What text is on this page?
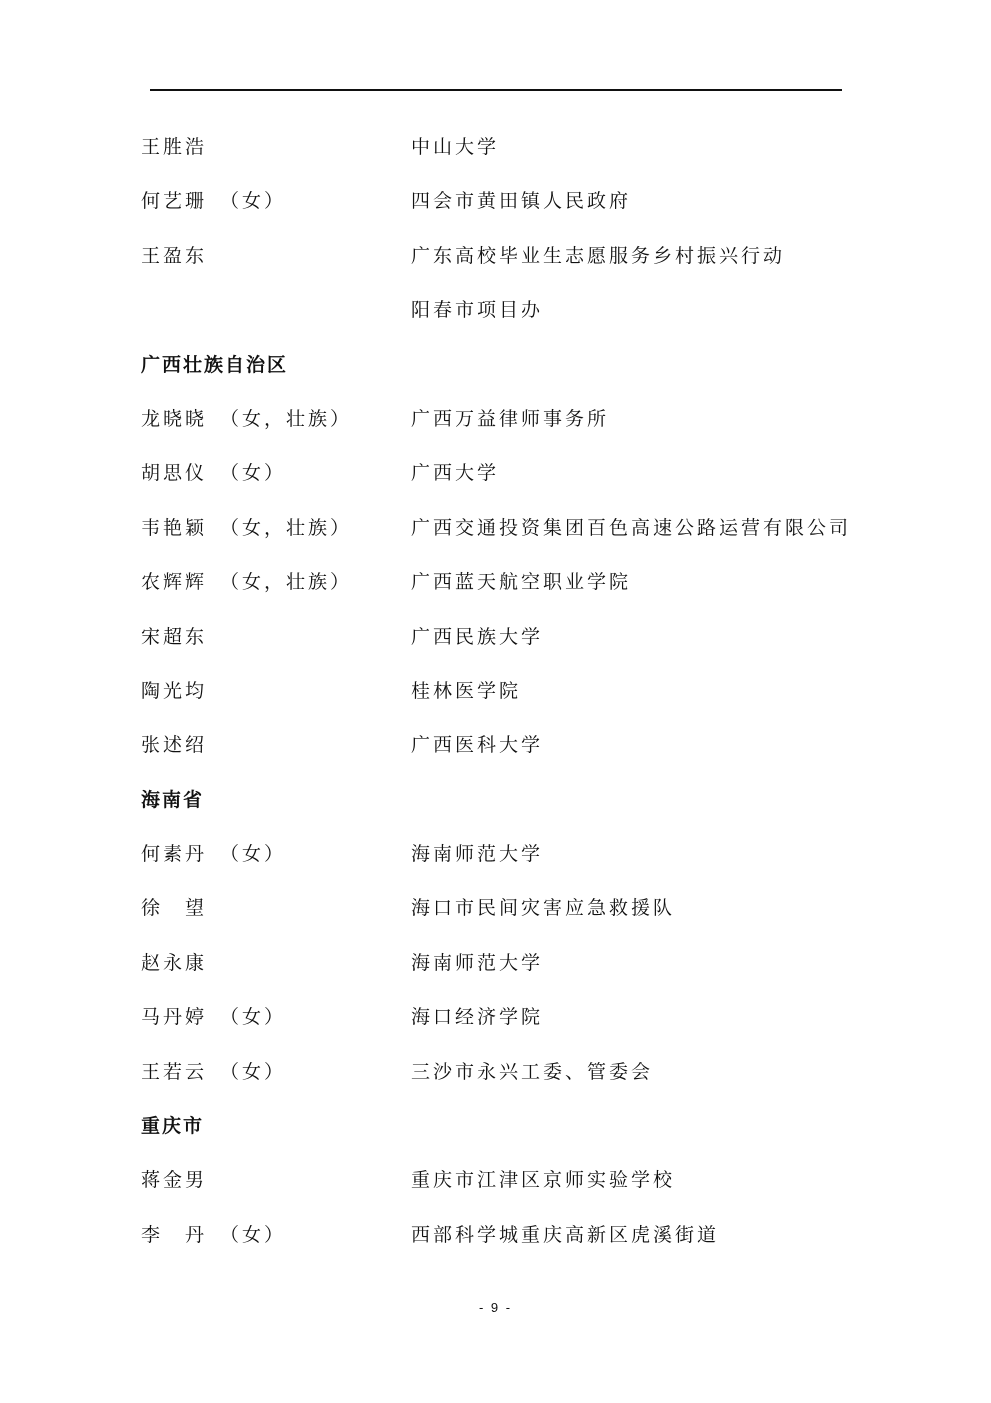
王胜浩	中山大学
何艺珊 （女）	四会市黄田镇人民政府
王盈东	广东高校毕业生志愿服务乡村振兴行动
阳春市项目办
广西壮族自治区
龙晓晓 （女，壮族）	广西万益律师事务所
胡思仪 （女）	广西大学
韦艳颖 （女，壮族）	广西交通投资集团百色高速公路运营有限公司
农辉辉 （女，壮族）	广西蓝天航空职业学院
宋超东	广西民族大学
陶光均	桂林医学院
张述绍	广西医科大学
海南省
何素丹 （女）	海南师范大学
徐　望	海口市民间灾害应急救援队
赵永康	海南师范大学
马丹婷 （女）	海口经济学院
王若云 （女）	三沙市永兴工委、管委会
重庆市
蒋金男	重庆市江津区京师实验学校
李　丹 （女）	西部科学城重庆高新区虎溪街道
- 9 -
